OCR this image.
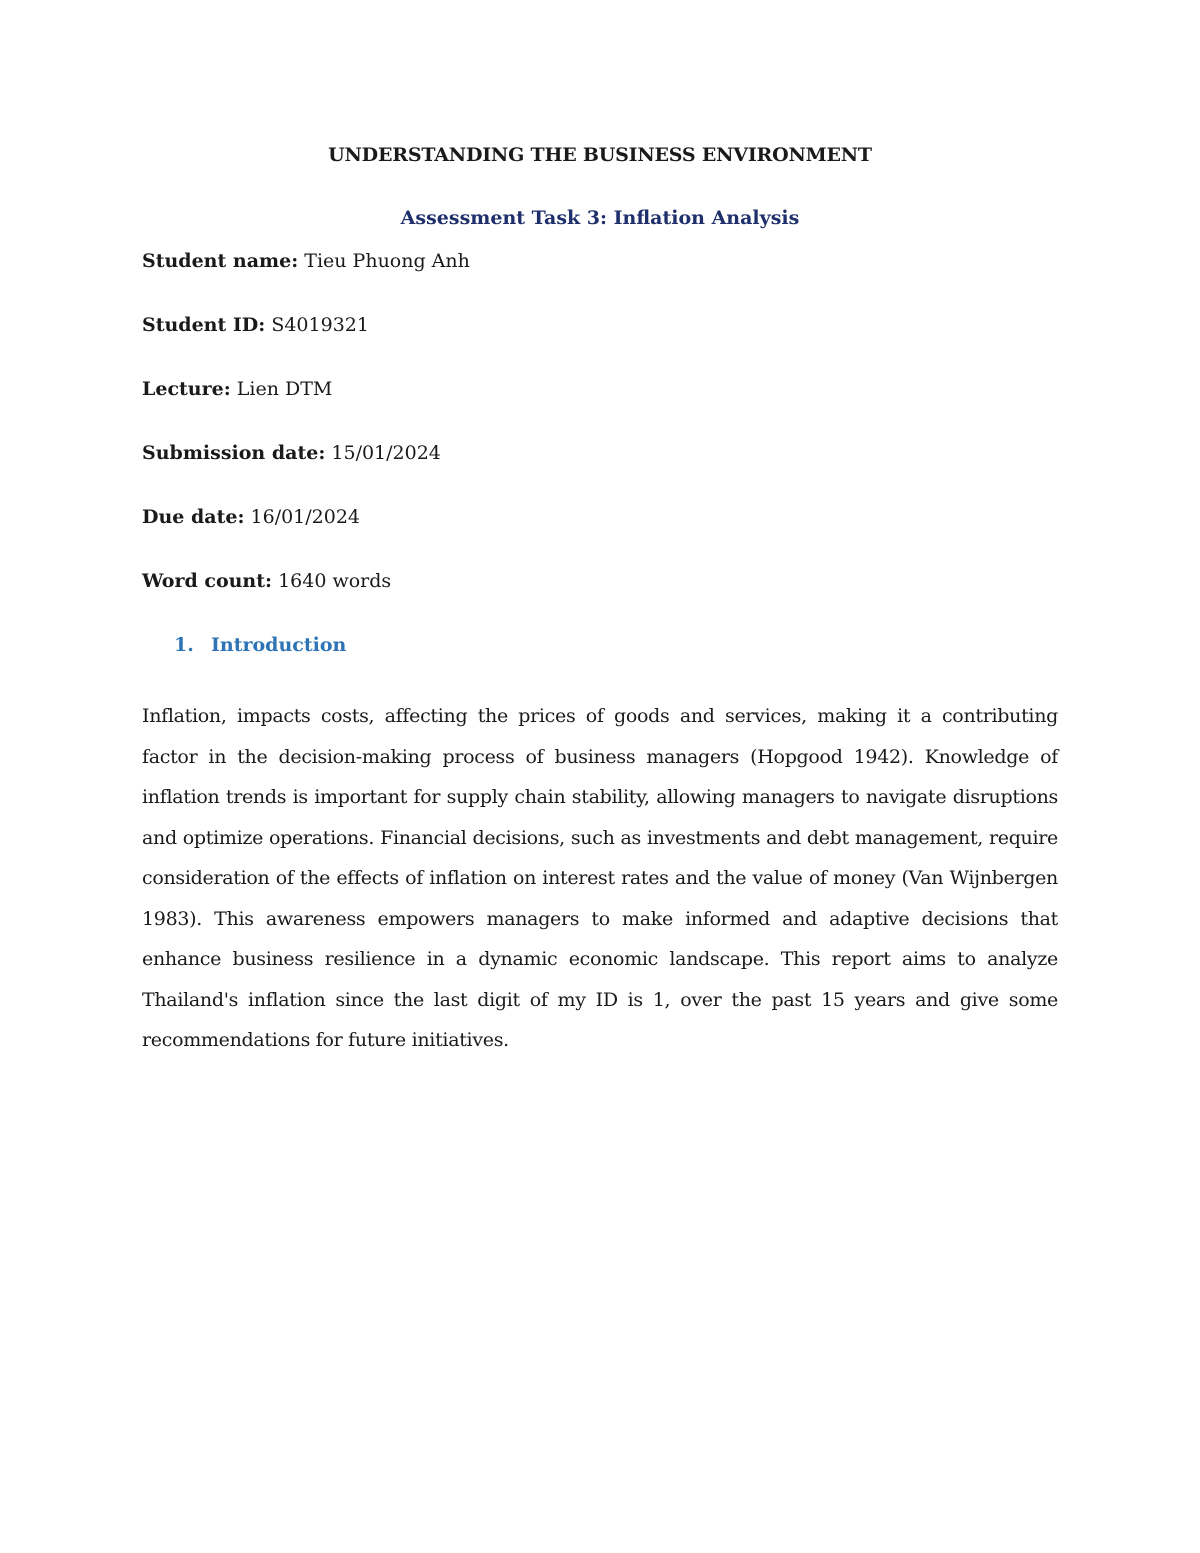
UNDERSTANDING THE BUSINESS ENVIRONMENT
Assessment Task 3: Inflation Analysis
Student name: Tieu Phuong Anh
Student ID: S4019321
Lecture: Lien DTM
Submission date: 15/01/2024
Due date: 16/01/2024
Word count: 1640 words
1. Introduction
Inflation, impacts costs, affecting the prices of goods and services, making it a contributing factor in the decision-making process of business managers (Hopgood 1942). Knowledge of inflation trends is important for supply chain stability, allowing managers to navigate disruptions and optimize operations. Financial decisions, such as investments and debt management, require consideration of the effects of inflation on interest rates and the value of money (Van Wijnbergen 1983). This awareness empowers managers to make informed and adaptive decisions that enhance business resilience in a dynamic economic landscape. This report aims to analyze Thailand's inflation since the last digit of my ID is 1, over the past 15 years and give some recommendations for future initiatives.
